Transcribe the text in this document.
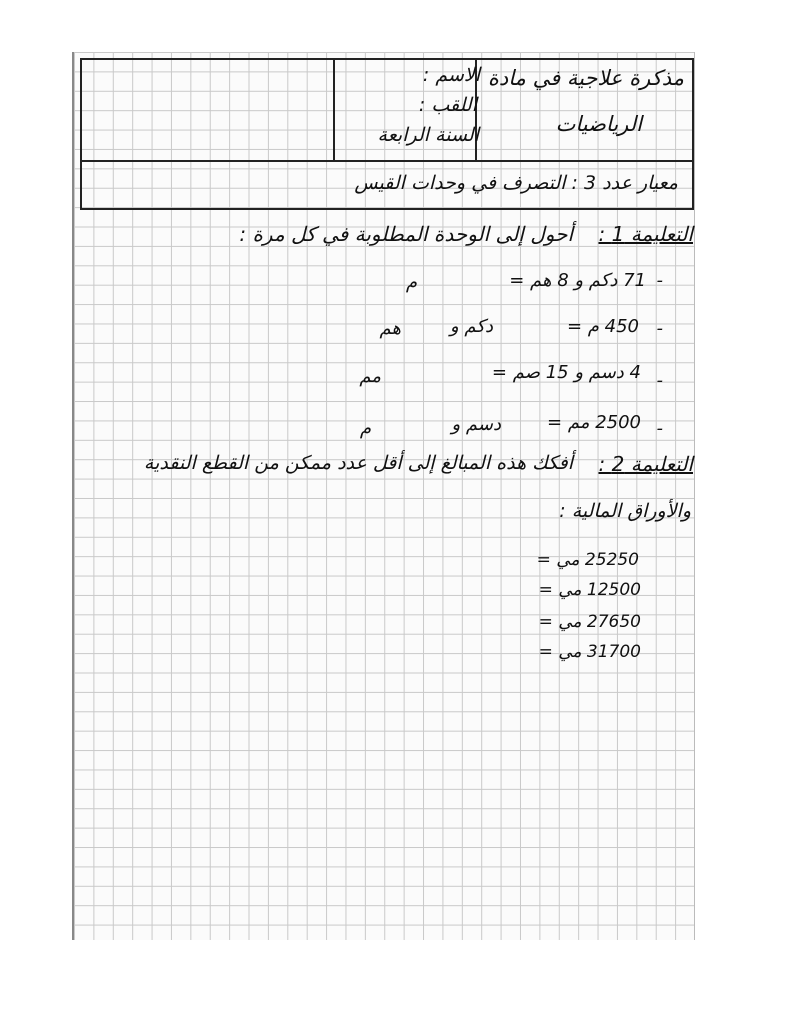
مذكرة علاجية في مادة
الرياضيات
الاسم :
اللقب :
السنة الرابعة
معيار عدد 3 : التصرف في وحدات القيس
التعليمة 1 :
أحول إلى الوحدة المطلوبة في كل مرة :
-
71 دكم و 8 هم =
م
-
450 م =
دكم و
هم
-
4 دسم و 15 صم =
مم
-
2500 مم =
دسم و
م
التعليمة 2 :
أفكك هذه المبالغ إلى أقل عدد ممكن من القطع النقدية
والأوراق المالية :
25250 مي =
12500 مي =
27650 مي =
31700 مي =
